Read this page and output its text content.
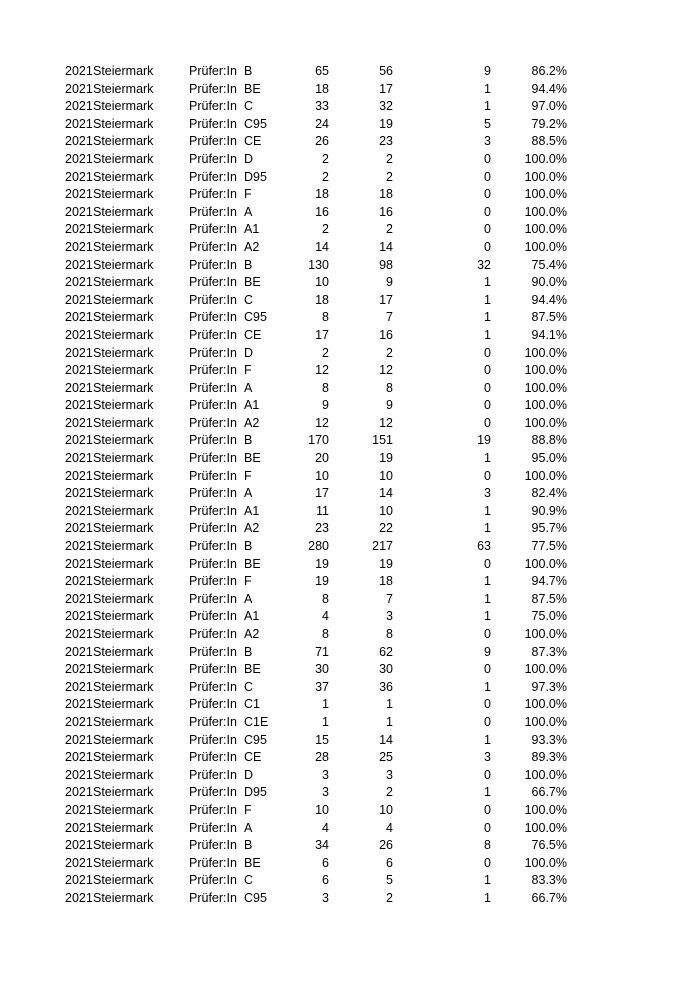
2021 Steiermark	Prüfer:In B	65	56	9	86.2%
2021 Steiermark	Prüfer:In BE	18	17	1	94.4%
2021 Steiermark	Prüfer:In C	33	32	1	97.0%
2021 Steiermark	Prüfer:In C95	24	19	5	79.2%
2021 Steiermark	Prüfer:In CE	26	23	3	88.5%
2021 Steiermark	Prüfer:In D	2	2	0	100.0%
2021 Steiermark	Prüfer:In D95	2	2	0	100.0%
2021 Steiermark	Prüfer:In F	18	18	0	100.0%
2021 Steiermark	Prüfer:In A	16	16	0	100.0%
2021 Steiermark	Prüfer:In A1	2	2	0	100.0%
2021 Steiermark	Prüfer:In A2	14	14	0	100.0%
2021 Steiermark	Prüfer:In B	130	98	32	75.4%
2021 Steiermark	Prüfer:In BE	10	9	1	90.0%
2021 Steiermark	Prüfer:In C	18	17	1	94.4%
2021 Steiermark	Prüfer:In C95	8	7	1	87.5%
2021 Steiermark	Prüfer:In CE	17	16	1	94.1%
2021 Steiermark	Prüfer:In D	2	2	0	100.0%
2021 Steiermark	Prüfer:In F	12	12	0	100.0%
2021 Steiermark	Prüfer:In A	8	8	0	100.0%
2021 Steiermark	Prüfer:In A1	9	9	0	100.0%
2021 Steiermark	Prüfer:In A2	12	12	0	100.0%
2021 Steiermark	Prüfer:In B	170	151	19	88.8%
2021 Steiermark	Prüfer:In BE	20	19	1	95.0%
2021 Steiermark	Prüfer:In F	10	10	0	100.0%
2021 Steiermark	Prüfer:In A	17	14	3	82.4%
2021 Steiermark	Prüfer:In A1	11	10	1	90.9%
2021 Steiermark	Prüfer:In A2	23	22	1	95.7%
2021 Steiermark	Prüfer:In B	280	217	63	77.5%
2021 Steiermark	Prüfer:In BE	19	19	0	100.0%
2021 Steiermark	Prüfer:In F	19	18	1	94.7%
2021 Steiermark	Prüfer:In A	8	7	1	87.5%
2021 Steiermark	Prüfer:In A1	4	3	1	75.0%
2021 Steiermark	Prüfer:In A2	8	8	0	100.0%
2021 Steiermark	Prüfer:In B	71	62	9	87.3%
2021 Steiermark	Prüfer:In BE	30	30	0	100.0%
2021 Steiermark	Prüfer:In C	37	36	1	97.3%
2021 Steiermark	Prüfer:In C1	1	1	0	100.0%
2021 Steiermark	Prüfer:In C1E	1	1	0	100.0%
2021 Steiermark	Prüfer:In C95	15	14	1	93.3%
2021 Steiermark	Prüfer:In CE	28	25	3	89.3%
2021 Steiermark	Prüfer:In D	3	3	0	100.0%
2021 Steiermark	Prüfer:In D95	3	2	1	66.7%
2021 Steiermark	Prüfer:In F	10	10	0	100.0%
2021 Steiermark	Prüfer:In A	4	4	0	100.0%
2021 Steiermark	Prüfer:In B	34	26	8	76.5%
2021 Steiermark	Prüfer:In BE	6	6	0	100.0%
2021 Steiermark	Prüfer:In C	6	5	1	83.3%
2021 Steiermark	Prüfer:In C95	3	2	1	66.7%
